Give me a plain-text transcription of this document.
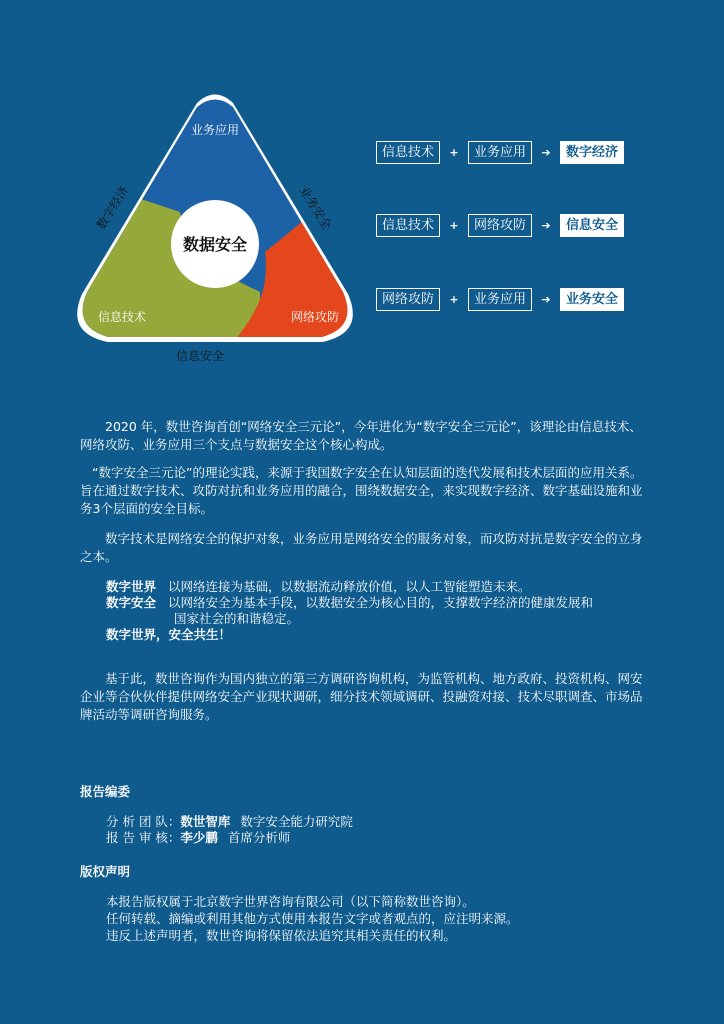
数据安全
业务应用
信息技术	网络攻防
数字经济	业务安全
信息安全
信息技术	+	业务应用	➔	数字经济
信息技术	+	网络攻防	➔	信息安全
网络攻防	+	业务应用	➔	业务安全
2020 年，数世咨询首创“网络安全三元论”，今年进化为“数字安全三元论”，该理论由信息技术、网络攻防、业务应用三个支点与数据安全这个核心构成。
“数字安全三元论”的理论实践，来源于我国数字安全在认知层面的迭代发展和技术层面的应用关系。旨在通过数字技术、攻防对抗和业务应用的融合，围绕数据安全，来实现数字经济、数字基础设施和业务3个层面的安全目标。
数字技术是网络安全的保护对象，业务应用是网络安全的服务对象，而攻防对抗是数字安全的立身之本。
数字世界 以网络连接为基础，以数据流动释放价值，以人工智能塑造未来。
数字安全 以网络安全为基本手段，以数据安全为核心目的，支撑数字经济的健康发展和
国家社会的和谐稳定。
数字世界，安全共生！
基于此，数世咨询作为国内独立的第三方调研咨询机构，为监管机构、地方政府、投资机构、网安企业等合伙伙伴提供网络安全产业现状调研，细分技术领域调研、投融资对接、技术尽职调查、市场品牌活动等调研咨询服务。
报告编委
分 析 团 队：数世智库 数字安全能力研究院
报 告 审 核：李少鹏 首席分析师
版权声明
本报告版权属于北京数字世界咨询有限公司（以下简称数世咨询）。
任何转载、摘编或利用其他方式使用本报告文字或者观点的，应注明来源。
违反上述声明者，数世咨询将保留依法追究其相关责任的权利。
